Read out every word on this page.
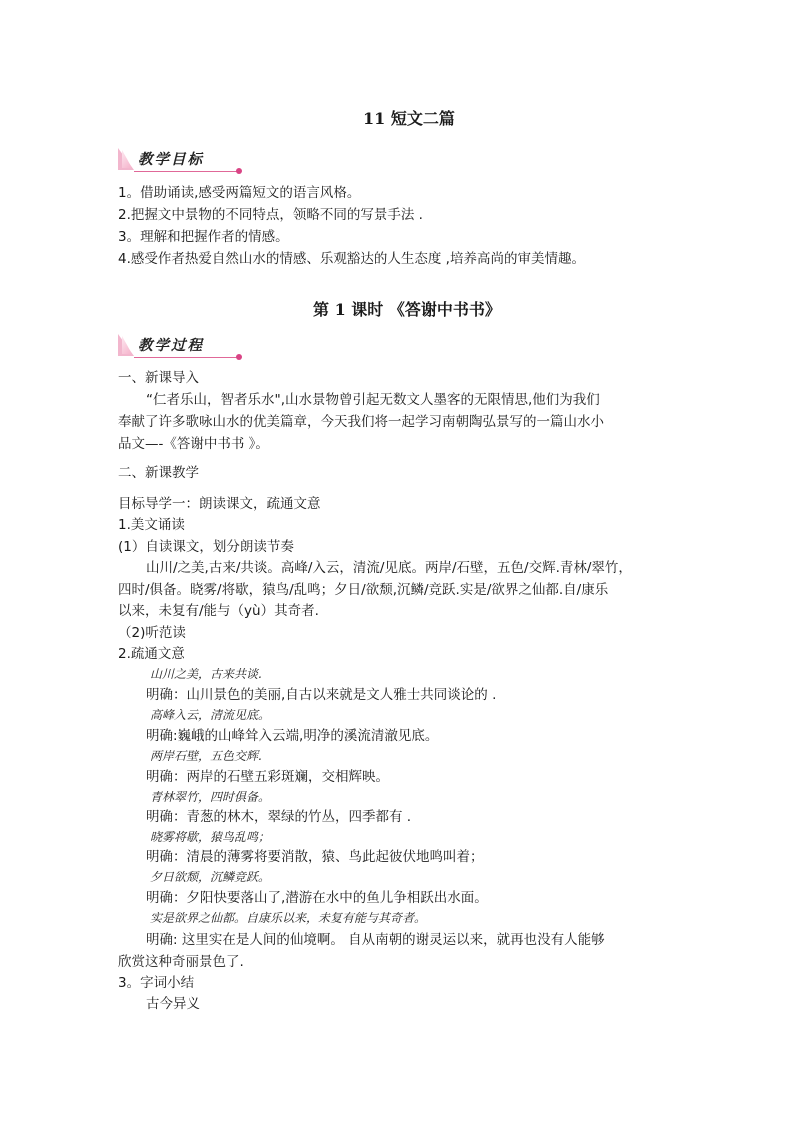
11 短文二篇
教学目标
1。借助诵读,感受两篇短文的语言风格。
2.把握文中景物的不同特点，领略不同的写景手法 .
3。理解和把握作者的情感。
4.感受作者热爱自然山水的情感、乐观豁达的人生态度 ,培养高尚的审美情趣。
第 1 课时 《答谢中书书》
教学过程
一、新课导入
“仁者乐山，智者乐水",山水景物曾引起无数文人墨客的无限情思,他们为我们
奉献了许多歌咏山水的优美篇章，今天我们将一起学习南朝陶弘景写的一篇山水小
品文—-《答谢中书书 》。
二、新课教学
目标导学一：朗读课文，疏通文意
1.美文诵读
(1）自读课文，划分朗读节奏
山川/之美,古来/共谈。高峰/入云，清流/见底。两岸/石壁，五色/交辉.青林/翠竹，
四时/俱备。晓雾/将歇，猿鸟/乱鸣；夕日/欲颓,沉鳞/竞跃.实是/欲界之仙都.自/康乐
以来，未复有/能与（yù）其奇者.
（2)听范读
2.疏通文意
山川之美，古来共谈.
明确：山川景色的美丽,自古以来就是文人雅士共同谈论的 .
高峰入云，清流见底。
明确:巍峨的山峰耸入云端,明净的溪流清澈见底。
两岸石壁，五色交辉.
明确：两岸的石壁五彩斑斓，交相辉映。
青林翠竹，四时俱备。
明确：青葱的林木，翠绿的竹丛，四季都有 .
晓雾将歇，猿鸟乱鸣；
明确：清晨的薄雾将要消散，猿、鸟此起彼伏地鸣叫着；
夕日欲颓，沉鳞竞跃。
明确：夕阳快要落山了,潜游在水中的鱼儿争相跃出水面。
实是欲界之仙都。自康乐以来，未复有能与其奇者。
明确: 这里实在是人间的仙境啊。 自从南朝的谢灵运以来，就再也没有人能够
欣赏这种奇丽景色了.
3。字词小结
古今异义
